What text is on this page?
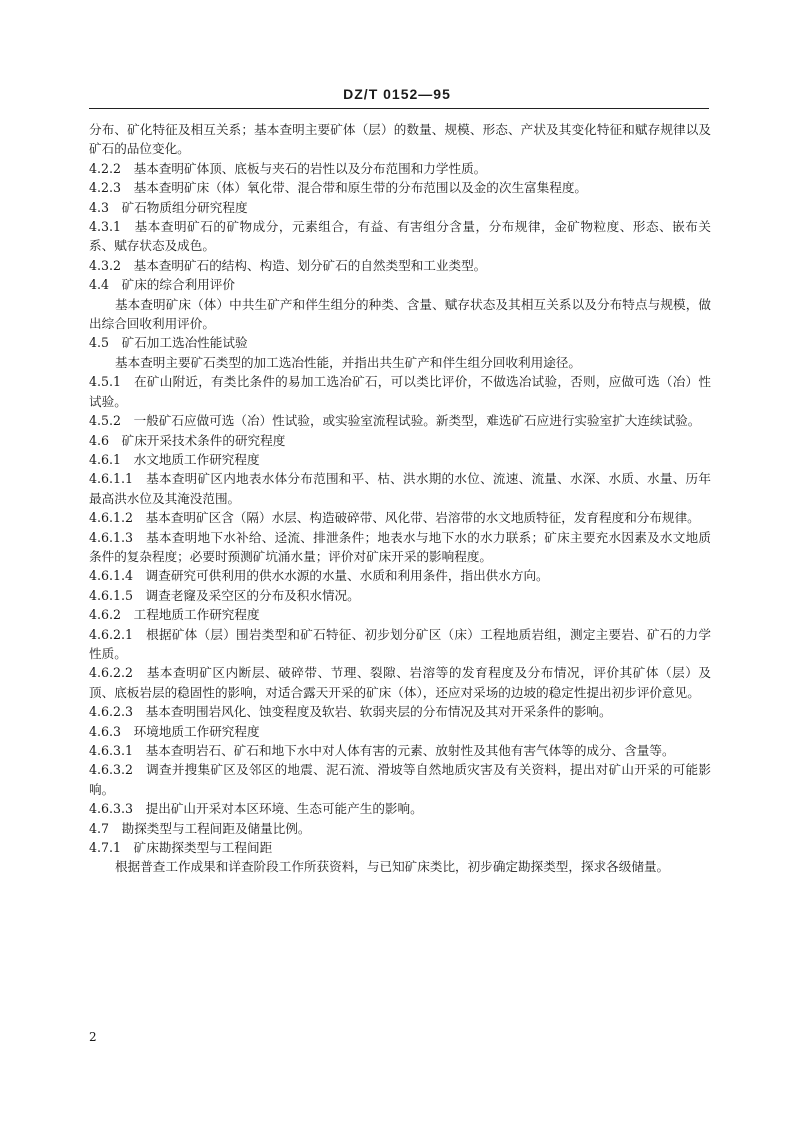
DZ/T 0152—95

分布、矿化特征及相互关系；基本查明主要矿体（层）的数量、规模、形态、产状及其变化特征和赋存规律以及矿石的品位变化。

4.2.2　基本查明矿体顶、底板与夹石的岩性以及分布范围和力学性质。

4.2.3　基本查明矿床（体）氧化带、混合带和原生带的分布范围以及金的次生富集程度。

4.3　矿石物质组分研究程度

4.3.1　基本查明矿石的矿物成分，元素组合，有益、有害组分含量，分布规律，金矿物粒度、形态、嵌布关系、赋存状态及成色。

4.3.2　基本查明矿石的结构、构造、划分矿石的自然类型和工业类型。

4.4　矿床的综合利用评价

基本查明矿床（体）中共生矿产和伴生组分的种类、含量、赋存状态及其相互关系以及分布特点与规模，做出综合回收利用评价。

4.5　矿石加工选冶性能试验

基本查明主要矿石类型的加工选冶性能，并指出共生矿产和伴生组分回收利用途径。

4.5.1　在矿山附近，有类比条件的易加工选冶矿石，可以类比评价，不做选冶试验，否则，应做可选（冶）性试验。

4.5.2　一般矿石应做可选（冶）性试验，或实验室流程试验。新类型，难选矿石应进行实验室扩大连续试验。

4.6　矿床开采技术条件的研究程度

4.6.1　水文地质工作研究程度

4.6.1.1　基本查明矿区内地表水体分布范围和平、枯、洪水期的水位、流速、流量、水深、水质、水量、历年最高洪水位及其淹没范围。

4.6.1.2　基本查明矿区含（隔）水层、构造破碎带、风化带、岩溶带的水文地质特征，发育程度和分布规律。

4.6.1.3　基本查明地下水补给、迳流、排泄条件；地表水与地下水的水力联系；矿床主要充水因素及水文地质条件的复杂程度；必要时预测矿坑涌水量；评价对矿床开采的影响程度。

4.6.1.4　调查研究可供利用的供水水源的水量、水质和利用条件，指出供水方向。

4.6.1.5　调查老窿及采空区的分布及积水情况。

4.6.2　工程地质工作研究程度

4.6.2.1　根据矿体（层）围岩类型和矿石特征、初步划分矿区（床）工程地质岩组，测定主要岩、矿石的力学性质。

4.6.2.2　基本查明矿区内断层、破碎带、节理、裂隙、岩溶等的发育程度及分布情况，评价其矿体（层）及顶、底板岩层的稳固性的影响，对适合露天开采的矿床（体），还应对采场的边坡的稳定性提出初步评价意见。

4.6.2.3　基本查明围岩风化、蚀变程度及软岩、软弱夹层的分布情况及其对开采条件的影响。

4.6.3　环境地质工作研究程度

4.6.3.1　基本查明岩石、矿石和地下水中对人体有害的元素、放射性及其他有害气体等的成分、含量等。

4.6.3.2　调查并搜集矿区及邻区的地震、泥石流、滑坡等自然地质灾害及有关资料，提出对矿山开采的可能影响。

4.6.3.3　提出矿山开采对本区环境、生态可能产生的影响。

4.7　勘探类型与工程间距及储量比例。

4.7.1　矿床勘探类型与工程间距

根据普查工作成果和详查阶段工作所获资料，与已知矿床类比，初步确定勘探类型，探求各级储量。

2
